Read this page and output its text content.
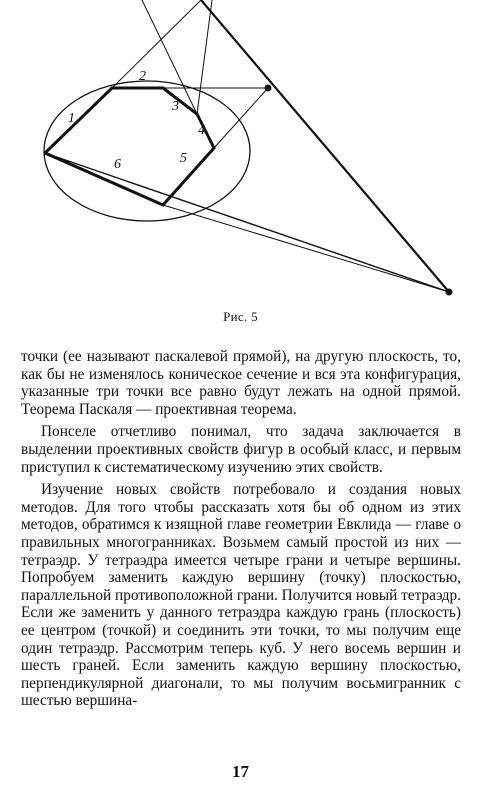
1
2
3
4
5
6
Рис. 5

точки (ее называют паскалевой прямой), на другую плоскость, то, как бы не изменялось коническое сечение и вся эта конфигурация, указанные три точки все равно будут лежать на одной прямой. Теорема Паскаля — проективная теорема.

Понселе отчетливо понимал, что задача заключается в выделении проективных свойств фигур в особый класс, и первым приступил к систематическому изучению этих свойств.

Изучение новых свойств потребовало и создания новых методов. Для того чтобы рассказать хотя бы об одном из этих методов, обратимся к изящной главе геометрии Евклида — главе о правильных многогранниках. Возьмем самый простой из них — тетраэдр. У тетраэдра имеется четыре грани и четыре вершины. Попробуем заменить каждую вершину (точку) плоскостью, параллельной противоположной грани. Получится новый тетраэдр. Если же заменить у данного тетраэдра каждую грань (плоскость) ее центром (точкой) и соединить эти точки, то мы получим еще один тетраэдр. Рассмотрим теперь куб. У него восемь вершин и шесть граней. Если заменить каждую вершину плоскостью, перпендикулярной диагонали, то мы получим восьмигранник с шестью вершина-

17
